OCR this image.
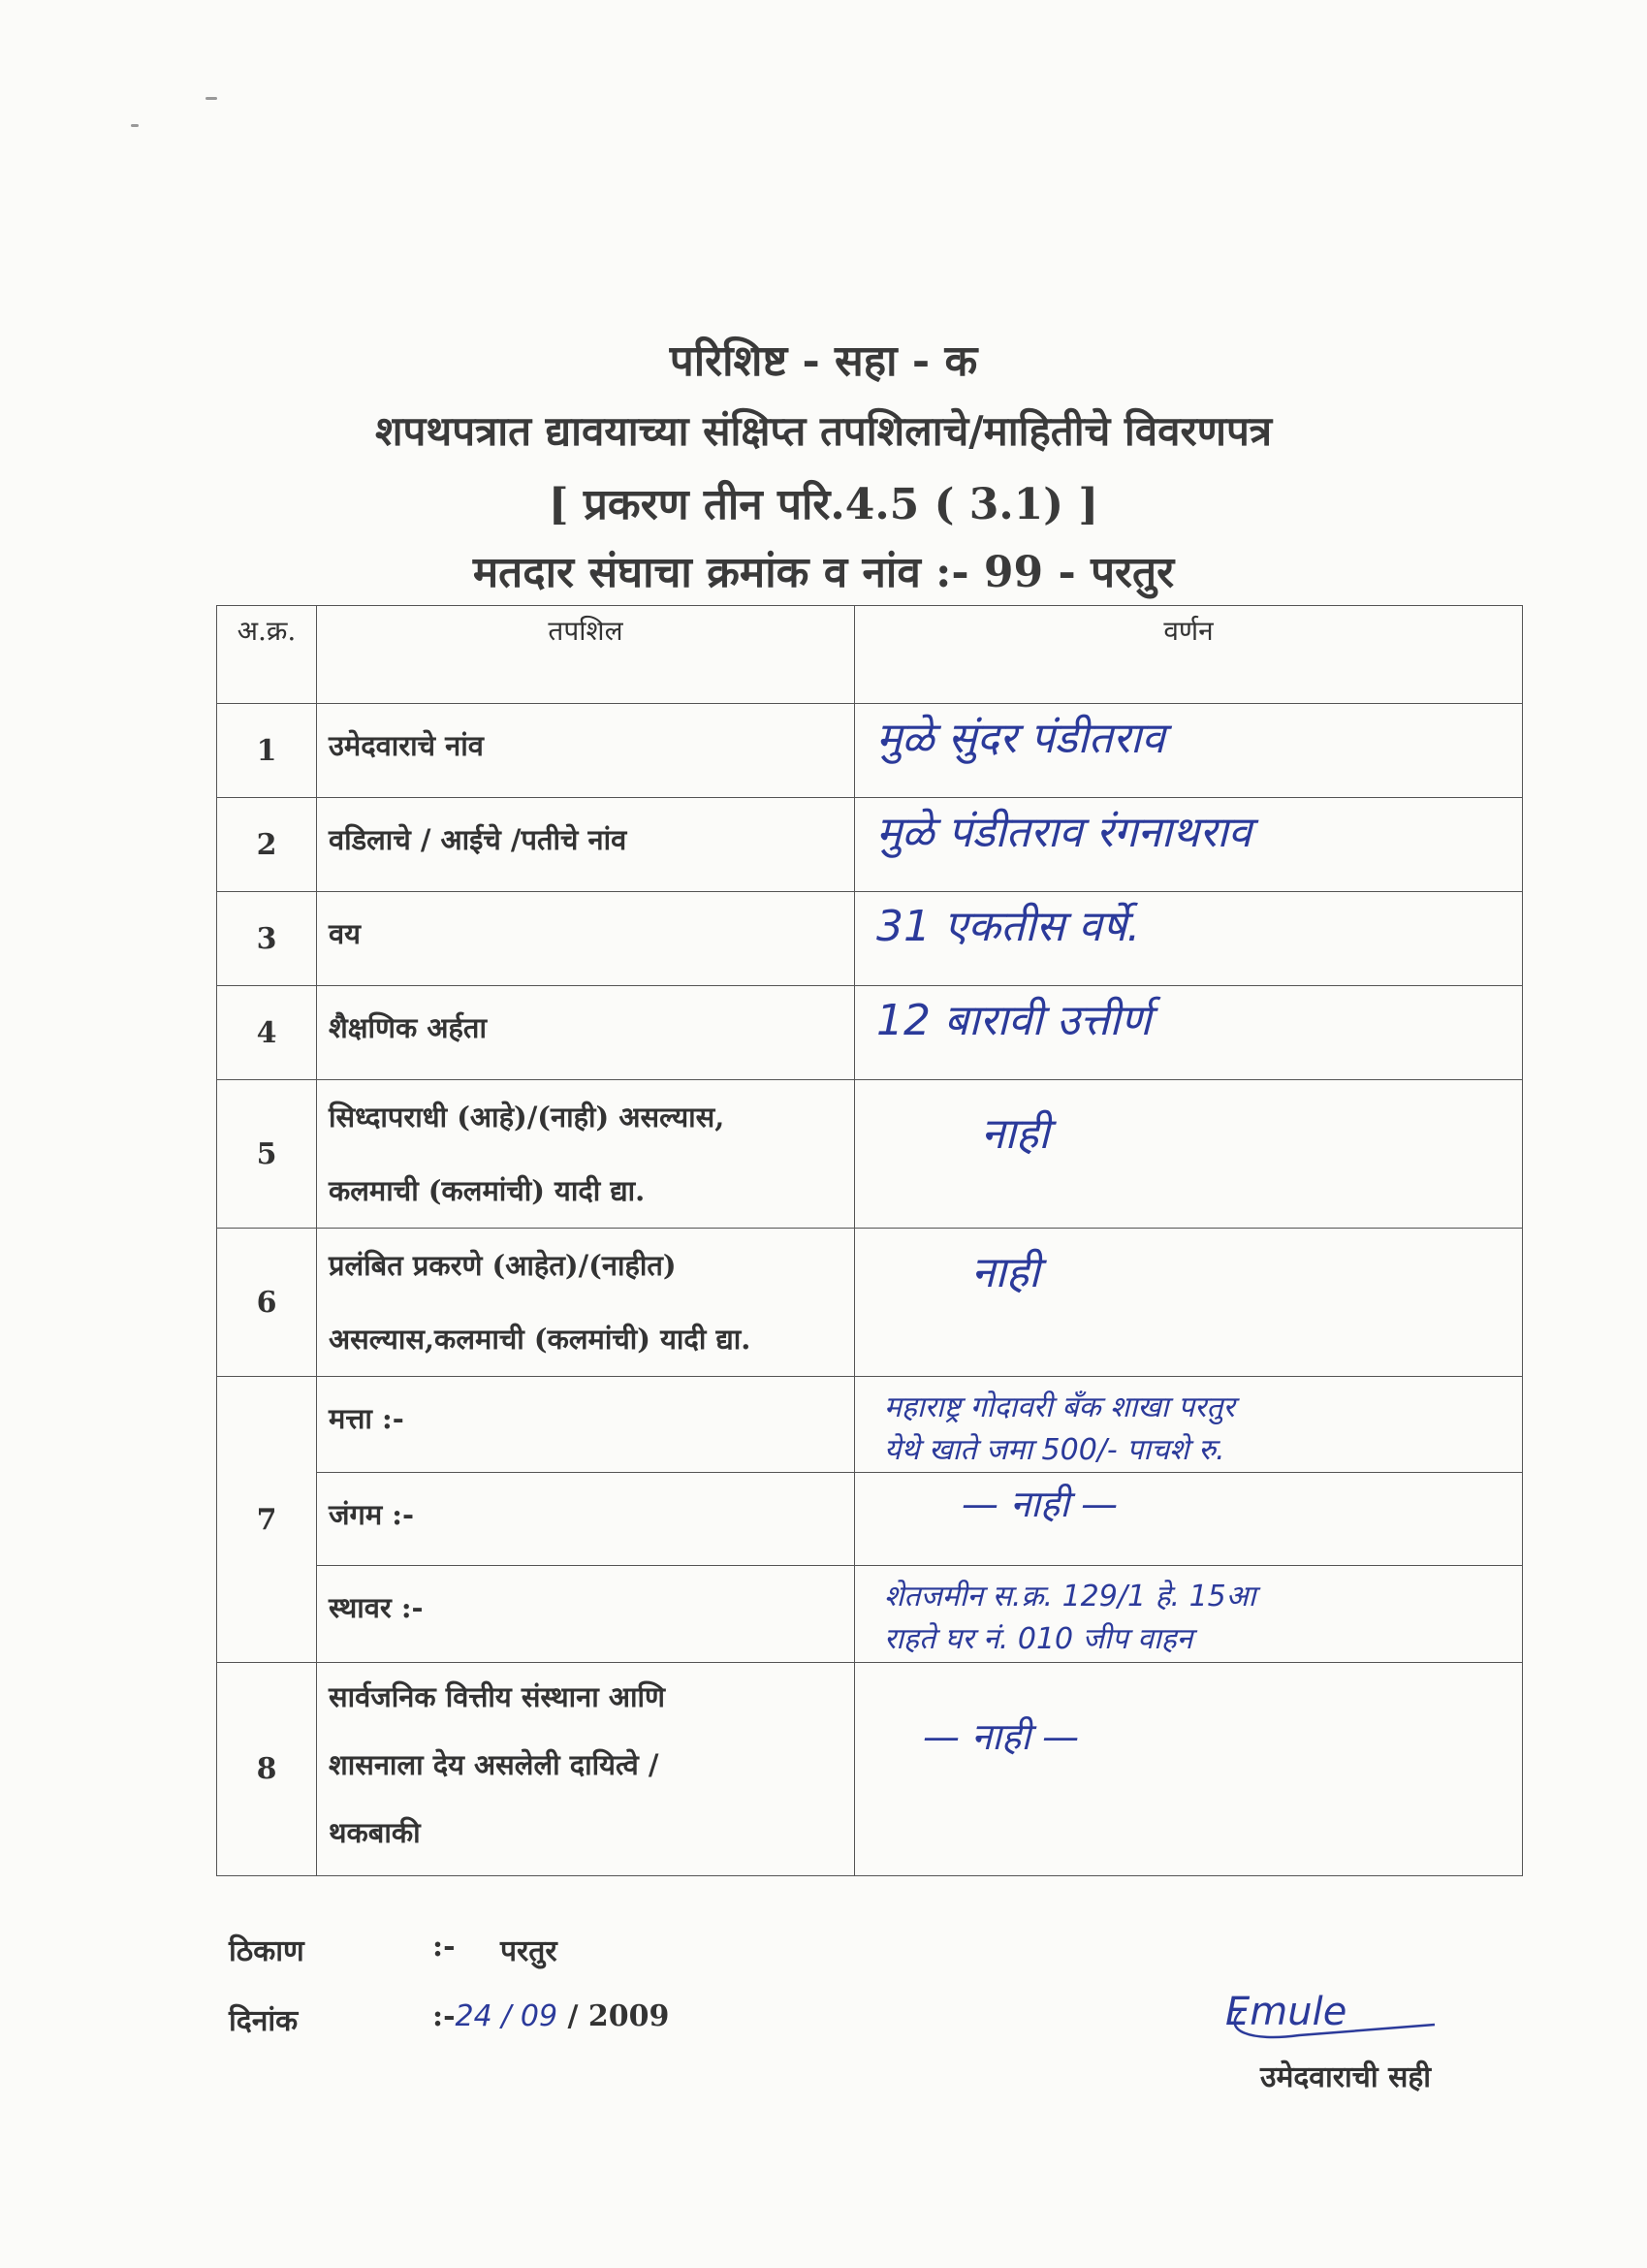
परिशिष्ट - सहा - क
शपथपत्रात द्यावयाच्या संक्षिप्त तपशिलाचे/माहितीचे विवरणपत्र
[ प्रकरण तीन परि.4.5 ( 3.1) ]
मतदार संघाचा क्रमांक व नांव :- 99 - परतुर
अ.क्र.	तपशिल	वर्णन
1	उमेदवाराचे नांव	मुळे सुंदर पंडीतराव
2	वडिलाचे / आईचे /पतीचे नांव	मुळे पंडीतराव रंगनाथराव
3	वय	31 एकतीस वर्षे.
4	शैक्षणिक अर्हता	12 बारावी उत्तीर्ण
5	सिध्दापराधी (आहे)/(नाही) असल्यास,
कलमाची (कलमांची) यादी द्या.	नाही
6	प्रलंबित प्रकरणे (आहेत)/(नाहीत)
असल्यास,कलमाची (कलमांची) यादी द्या.	नाही
7	मत्ता :-	महाराष्ट्र गोदावरी बँक शाखा परतुर
येथे खाते जमा 500/- पाचशे रु.

	जंगम :-	— नाही —

	स्थावर :-	शेतजमीन स.क्र. 129/1 हे. 15आ
राहते घर नं. 010 जीप वाहन

8	सार्वजनिक वित्तीय संस्थाना आणि
शासनाला देय असलेली दायित्वे /
थकबाकी	— नाही —
ठिकाण	:- परतुर
दिनांक	:-24 / 09 / 2009	Emule
उमेदवाराची सही
